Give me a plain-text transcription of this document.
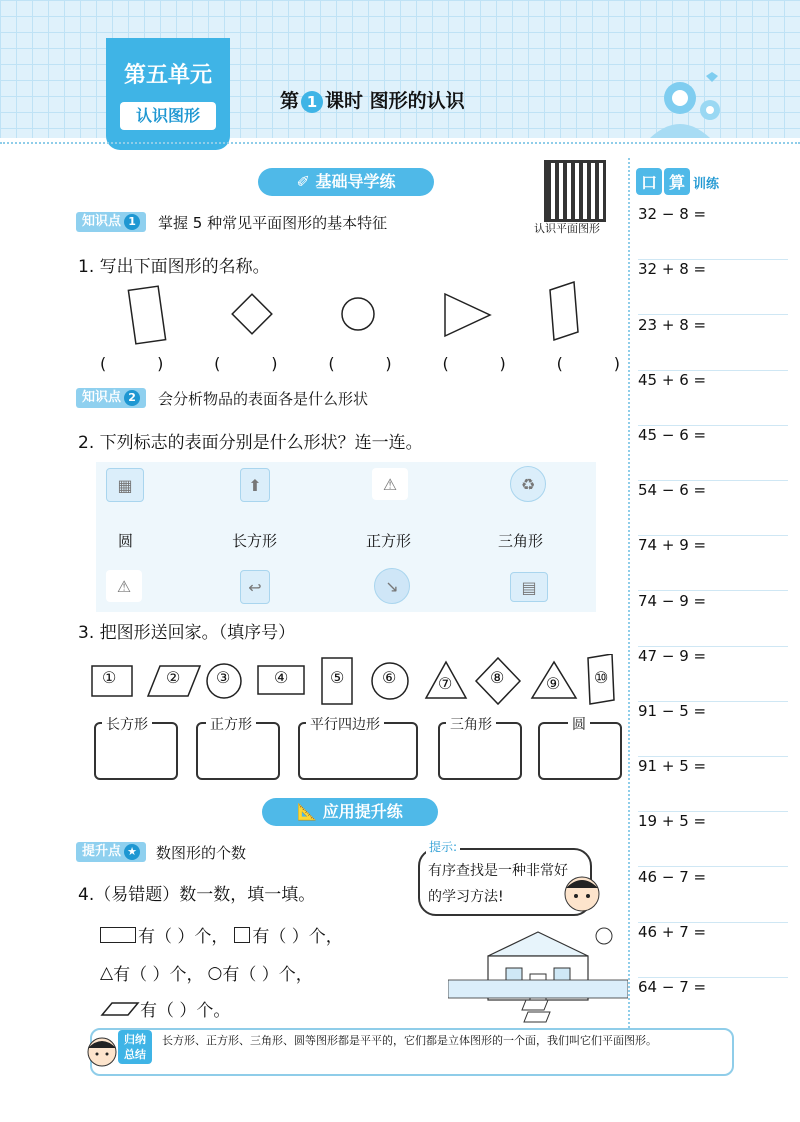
第五单元
认识图形
第 1 课时 图形的认识
✐ 基础导学练
认识平面图形
知识点 1	掌握 5 种常见平面图形的基本特征
1. 写出下面图形的名称。
(	)	(	)	(	)	(	)	(	)
知识点 2	会分析物品的表面各是什么形状
2. 下列标志的表面分别是什么形状？连一连。
▦	⬆	⚠	♻
圆	长方形	正方形	三角形
⚠	↩	↘	▤
3. 把图形送回家。（填序号）
①	② ③	④	⑤ ⑥	⑦ ⑧	⑨ ⑩
长方形	正方形	平行四边形	三角形	圆
📐 应用提升练
提升点 ★	数图形的个数	提示:
有序查找是一种非常好的学习方法!
4.（易错题）数一数，填一填。
有（ ）个， 有（ ）个，
△ 有（ ）个， ○ 有（ ）个，
有（ ）个。
口 算 训练
32 − 8 =
32 + 8 =
23 + 8 =
45 + 6 =
45 − 6 =
54 − 6 =
74 + 9 =
74 − 9 =
47 − 9 =
91 − 5 =
91 + 5 =
19 + 5 =
46 − 7 =
46 + 7 =
64 − 7 =
归纳
总结
长方形、正方形、三角形、圆等图形都是平平的，它们都是立体图形的一个面，我们叫它们平面图形。
